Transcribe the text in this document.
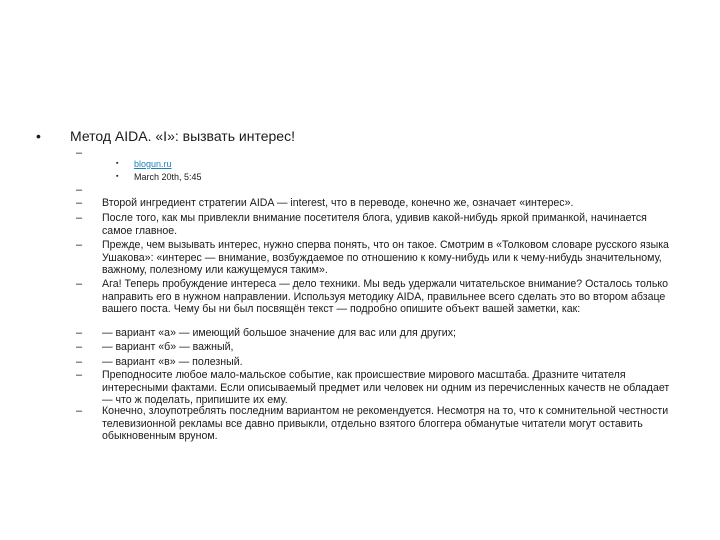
•	Метод AIDA. «I»: вызвать интерес!
–
▪ blogun.ru
▪ March 20th, 5:45
–
–	Второй ингредиент стратегии AIDA — interest, что в переводе, конечно же, означает «интерес».
–	После того, как мы привлекли внимание посетителя блога, удивив какой-нибудь яркой приманкой, начинается самое главное.
–	Прежде, чем вызывать интерес, нужно сперва понять, что он такое. Смотрим в «Толковом словаре русского языка Ушакова»: «интерес — внимание, возбуждаемое по отношению к кому-нибудь или к чему-нибудь значительному, важному, полезному или кажущемуся таким».
–	Ага! Теперь пробуждение интереса — дело техники. Мы ведь удержали читательское внимание? Осталось только направить его в нужном направлении. Используя методику AIDA, правильнее всего сделать это во втором абзаце вашего поста. Чему бы ни был посвящён текст — подробно опишите объект вашей заметки, как:
–	— вариант «а» — имеющий большое значение для вас или для других;
–	— вариант «б» — важный,
–	— вариант «в» — полезный.
–	Преподносите любое мало-мальское событие, как происшествие мирового масштаба. Дразните читателя интересными фактами. Если описываемый предмет или человек ни одним из перечисленных качеств не обладает — что ж поделать, припишите их ему.
–	Конечно, злоупотреблять последним вариантом не рекомендуется. Несмотря на то, что к сомнительной честности телевизионной рекламы все давно привыкли, отдельно взятого блоггера обманутые читатели могут оставить обыкновенным вруном.
